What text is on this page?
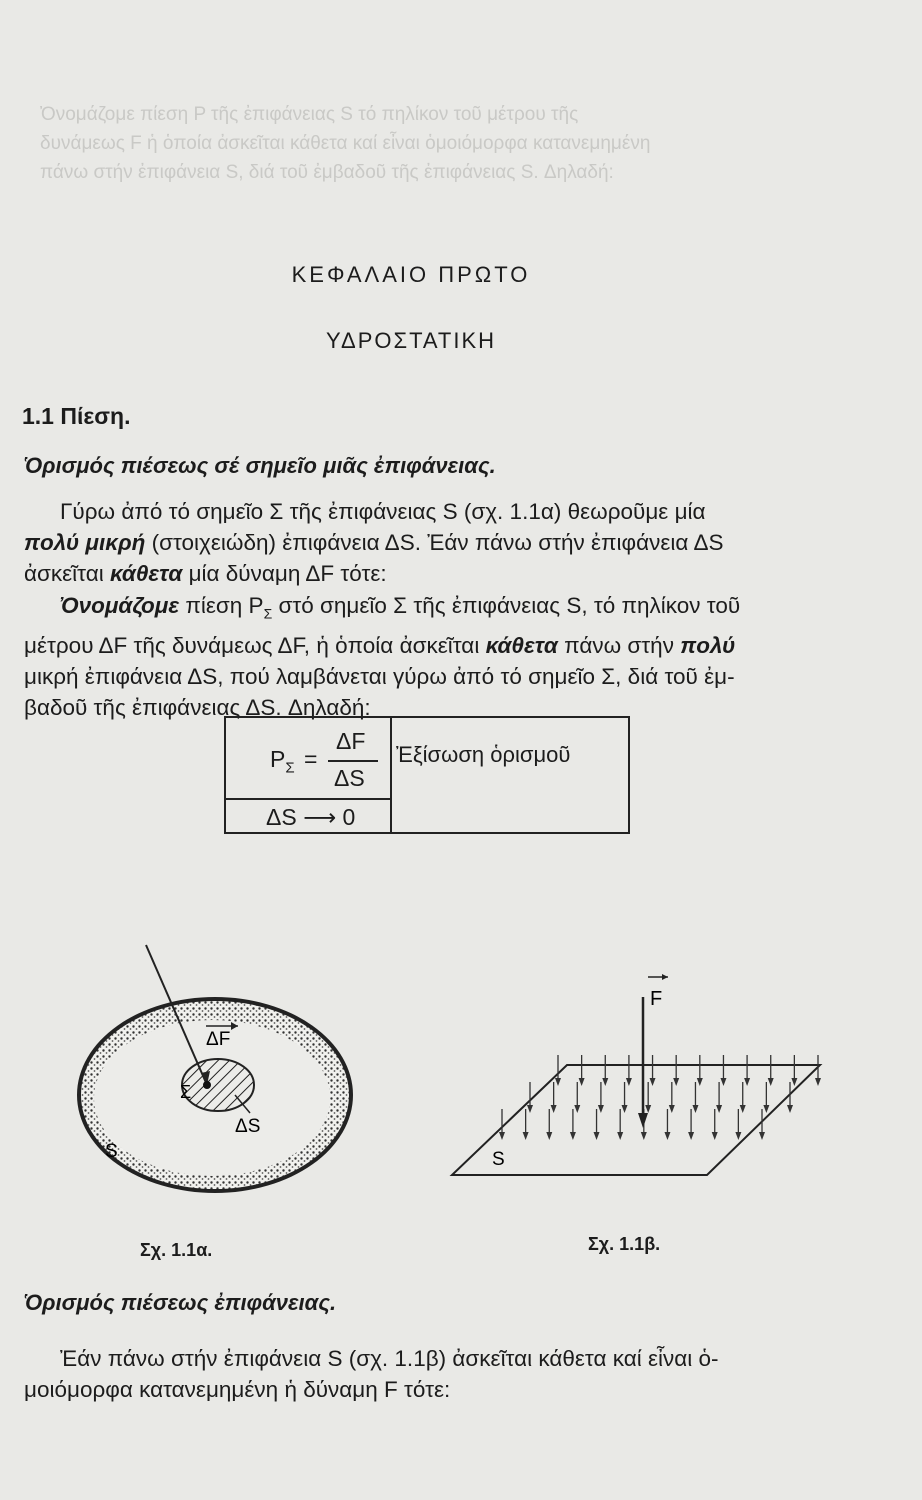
Ὀνομάζομε πίεση P τῆς ἐπιφάνειας S τό πηλίκον τοῦ μέτρου τῆς

δυνάμεως F ἡ ὁποία ἀσκεῖται κάθετα καί εἶναι ὁμοιόμορφα κατανεμημένη

πάνω στήν ἐπιφάνεια S, διά τοῦ ἐμβαδοῦ τῆς ἐπιφάνειας S. Δηλαδή:

ΚΕΦΑΛΑΙΟ ΠΡΩΤΟ
ΥΔΡΟΣΤΑΤΙΚΗ
1.1 Πίεση.
Ὁρισμός πιέσεως σέ σημεῖο μιᾶς ἐπιφάνειας.

Γύρω ἀπό τό σημεῖο Σ τῆς ἐπιφάνειας S (σχ. 1.1α) θεωροῦμε μία
πολύ μικρή (στοιχειώδη) ἐπιφάνεια ΔS. Ἐάν πάνω στήν ἐπιφάνεια ΔS
ἀσκεῖται κάθετα μία δύναμη ΔF τότε:

Ὀνομάζομε πίεση $P_\Sigma$ στό σημεῖο Σ τῆς ἐπιφάνειας S, τό πηλίκον τοῦ
μέτρου ΔF τῆς δυνάμεως ΔF, ἡ ὁποία ἀσκεῖται κάθετα πάνω στήν πολύ
μικρή ἐπιφάνεια ΔS, πού λαμβάνεται γύρω ἀπό τό σημεῖο Σ, διά τοῦ ἐμ-
βαδοῦ τῆς ἐπιφάνειας ΔS. Δηλαδή:

$P_\Sigma$ =
ΔF
ΔS
ΔS ⟶ 0
Ἐξίσωση ὁρισμοῦ
ΔF
Σ
ΔS
S
Σχ. 1.1α.
F
S
Σχ. 1.1β.
Ὁρισμός πιέσεως ἐπιφάνειας.

Ἐάν πάνω στήν ἐπιφάνεια S (σχ. 1.1β) ἀσκεῖται κάθετα καί εἶναι ὁ-
μοιόμορφα κατανεμημένη ἡ δύναμη F τότε:
